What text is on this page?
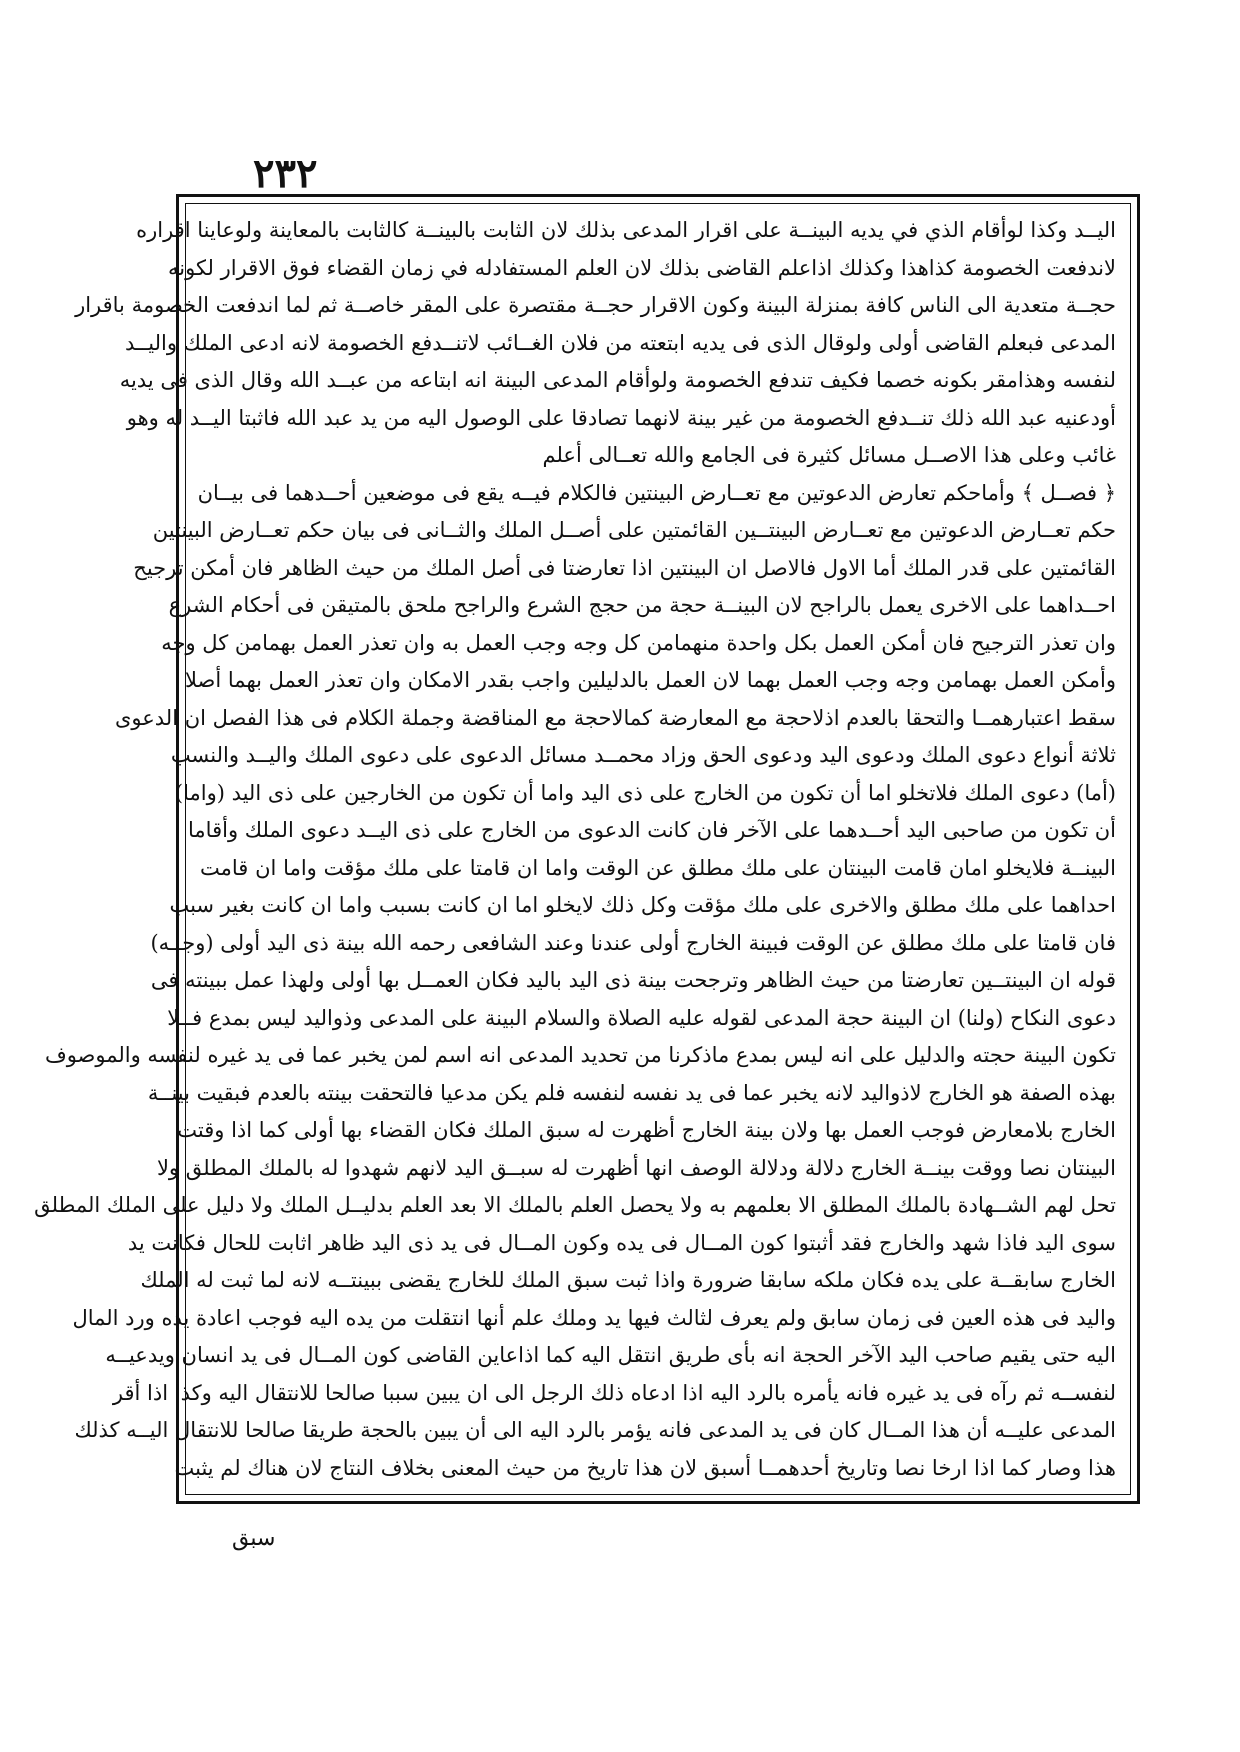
٢٣٢
اليــد وكذا لوأقام الذي في يديه البينــة على اقرار المدعى بذلك لان الثابت بالبينــة كالثابت بالمعاينة ولوعاينا اقراره
لاندفعت الخصومة كذاهذا وكذلك اذاعلم القاضى بذلك لان العلم المستفادله في زمان القضاء فوق الاقرار لكونه
حجــة متعدية الى الناس كافة بمنزلة البينة وكون الاقرار حجــة مقتصرة على المقر خاصــة ثم لما اندفعت الخصومة باقرار
المدعى فبعلم القاضى أولى ولوقال الذى فى يديه ابتعته من فلان الغــائب لاتنــدفع الخصومة لانه ادعى الملك واليــد
لنفسه وهذامقر بكونه خصما فكيف تندفع الخصومة ولوأقام المدعى البينة انه ابتاعه من عبــد الله وقال الذى فى يديه
أودعنيه عبد الله ذلك تنــدفع الخصومة من غير بينة لانهما تصادقا على الوصول اليه من يد عبد الله فاثبتا اليــد له وهو
غائب وعلى هذا الاصــل مسائل كثيرة فى الجامع والله تعــالى أعلم
﴿ فصــل ﴾ وأماحكم تعارض الدعوتين مع تعــارض البينتين فالكلام فيــه يقع فى موضعين أحــدهما فى بيــان
حكم تعــارض الدعوتين مع تعــارض البينتــين القائمتين على أصــل الملك والثــانى فى بيان حكم تعــارض البينتين
القائمتين على قدر الملك أما الاول فالاصل ان البينتين اذا تعارضتا فى أصل الملك من حيث الظاهر فان أمكن ترجيح
احــداهما على الاخرى يعمل بالراجح لان البينــة حجة من حجج الشرع والراجح ملحق بالمتيقن فى أحكام الشرع
وان تعذر الترجيح فان أمكن العمل بكل واحدة منهمامن كل وجه وجب العمل به وان تعذر العمل بهمامن كل وجه
وأمكن العمل بهمامن وجه وجب العمل بهما لان العمل بالدليلين واجب بقدر الامكان وان تعذر العمل بهما أصلا
سقط اعتبارهمــا والتحقا بالعدم اذلاحجة مع المعارضة كمالاحجة مع المناقضة وجملة الكلام فى هذا الفصل ان الدعوى
ثلاثة أنواع دعوى الملك ودعوى اليد ودعوى الحق وزاد محمــد مسائل الدعوى على دعوى الملك واليــد والنسب
(أما) دعوى الملك فلاتخلو اما أن تكون من الخارج على ذى اليد واما أن تكون من الخارجين على ذى اليد (واما)
أن تكون من صاحبى اليد أحــدهما على الآخر فان كانت الدعوى من الخارج على ذى اليــد دعوى الملك وأقاما
البينــة فلايخلو امان قامت البينتان على ملك مطلق عن الوقت واما ان قامتا على ملك مؤقت واما ان قامت
احداهما على ملك مطلق والاخرى على ملك مؤقت وكل ذلك لايخلو اما ان كانت بسبب واما ان كانت بغير سبب
فان قامتا على ملك مطلق عن الوقت فبينة الخارج أولى عندنا وعند الشافعى رحمه الله بينة ذى اليد أولى (وجــه)
قوله ان البينتــين تعارضتا من حيث الظاهر وترجحت بينة ذى اليد باليد فكان العمــل بها أولى ولهذا عمل ببينته فى
دعوى النكاح (ولنا) ان البينة حجة المدعى لقوله عليه الصلاة والسلام البينة على المدعى وذواليد ليس بمدع فــلا
تكون البينة حجته والدليل على انه ليس بمدع ماذكرنا من تحديد المدعى انه اسم لمن يخبر عما فى يد غيره لنفسه والموصوف
بهذه الصفة هو الخارج لاذواليد لانه يخبر عما فى يد نفسه لنفسه فلم يكن مدعيا فالتحقت بينته بالعدم فبقيت بينــة
الخارج بلامعارض فوجب العمل بها ولان بينة الخارج أظهرت له سبق الملك فكان القضاء بها أولى كما اذا وقتت
البينتان نصا ووقت بينــة الخارج دلالة ودلالة الوصف انها أظهرت له سبــق اليد لانهم شهدوا له بالملك المطلق ولا
تحل لهم الشــهادة بالملك المطلق الا بعلمهم به ولا يحصل العلم بالملك الا بعد العلم بدليــل الملك ولا دليل على الملك المطلق
سوى اليد فاذا شهد والخارج فقد أثبتوا كون المــال فى يده وكون المــال فى يد ذى اليد ظاهر اثابت للحال فكانت يد
الخارج سابقــة على يده فكان ملكه سابقا ضرورة واذا ثبت سبق الملك للخارج يقضى ببينتــه لانه لما ثبت له الملك
واليد فى هذه العين فى زمان سابق ولم يعرف لثالث فيها يد وملك علم أنها انتقلت من يده اليه فوجب اعادة يده ورد المال
اليه حتى يقيم صاحب اليد الآخر الحجة انه بأى طريق انتقل اليه كما اذاعاين القاضى كون المــال فى يد انسان ويدعيــه
لنفســه ثم رآه فى يد غيره فانه يأمره بالرد اليه اذا ادعاه ذلك الرجل الى ان يبين سببا صالحا للانتقال اليه وكذا اذا أقر
المدعى عليــه أن هذا المــال كان فى يد المدعى فانه يؤمر بالرد اليه الى أن يبين بالحجة طريقا صالحا للانتقال اليــه كذلك
هذا وصار كما اذا ارخا نصا وتاريخ أحدهمــا أسبق لان هذا تاريخ من حيث المعنى بخلاف النتاج لان هناك لم يثبت
سبق
